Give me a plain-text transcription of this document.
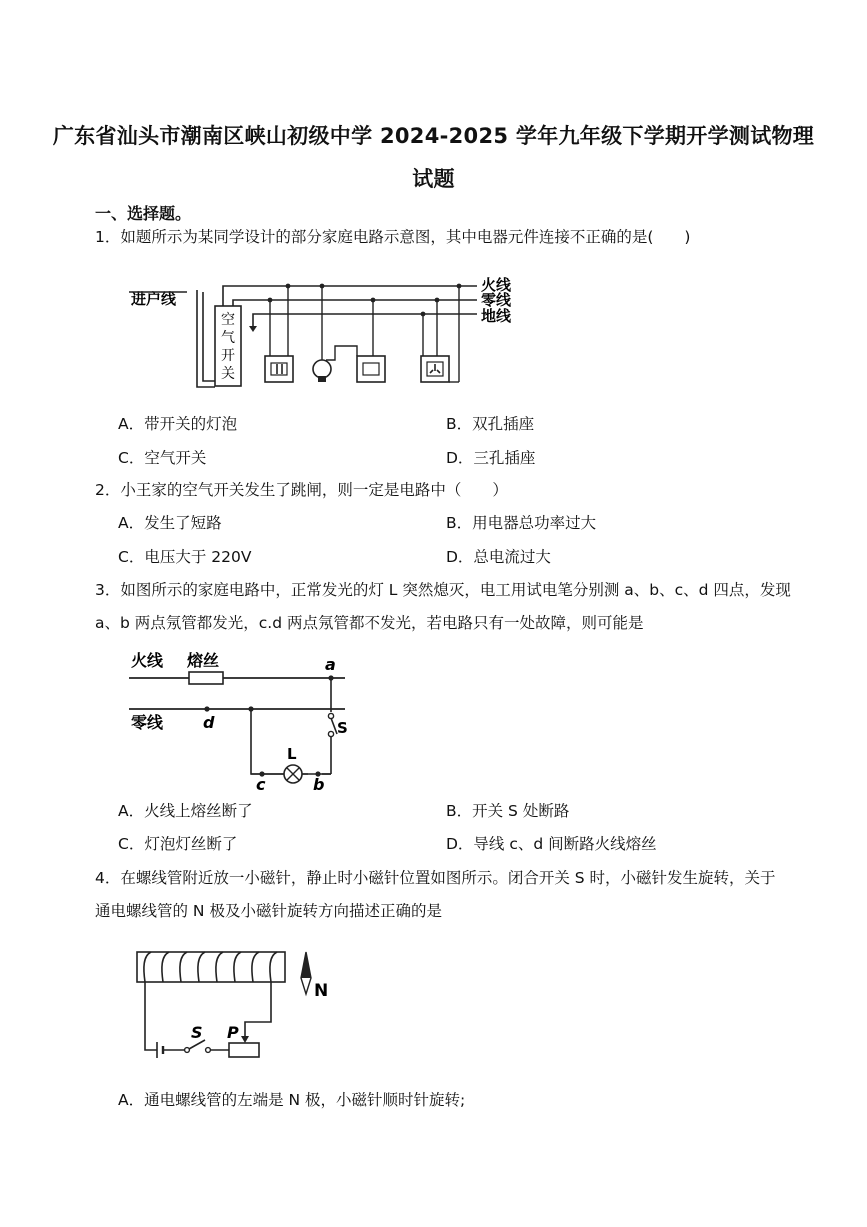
广东省汕头市潮南区峡山初级中学 2024-2025 学年九年级下学期开学测试物理
试题
一、选择题。
1．如题所示为某同学设计的部分家庭电路示意图，其中电器元件连接不正确的是(　　)
进户线
空
气
开
关
火线
零线
地线
A．带开关的灯泡	B．双孔插座
C．空气开关	D．三孔插座
2．小王家的空气开关发生了跳闸，则一定是电路中（　　）
A．发生了短路	B．用电器总功率过大
C．电压大于 220V	D．总电流过大
3．如图所示的家庭电路中，正常发光的灯 L 突然熄灭，电工用试电笔分别测 a、b、c、d 四点，发现
a、b 两点氖管都发光，c.d 两点氖管都不发光，若电路只有一处故障，则可能是
火线 熔丝
零线
a
d
c	b
L
S
A．火线上熔丝断了	B．开关 S 处断路
C．灯泡灯丝断了	D．导线 c、d 间断路火线熔丝
4．在螺线管附近放一小磁针，静止时小磁针位置如图所示。闭合开关 S 时，小磁针发生旋转，关于
通电螺线管的 N 极及小磁针旋转方向描述正确的是
N
S P
A．通电螺线管的左端是 N 极，小磁针顺时针旋转;
